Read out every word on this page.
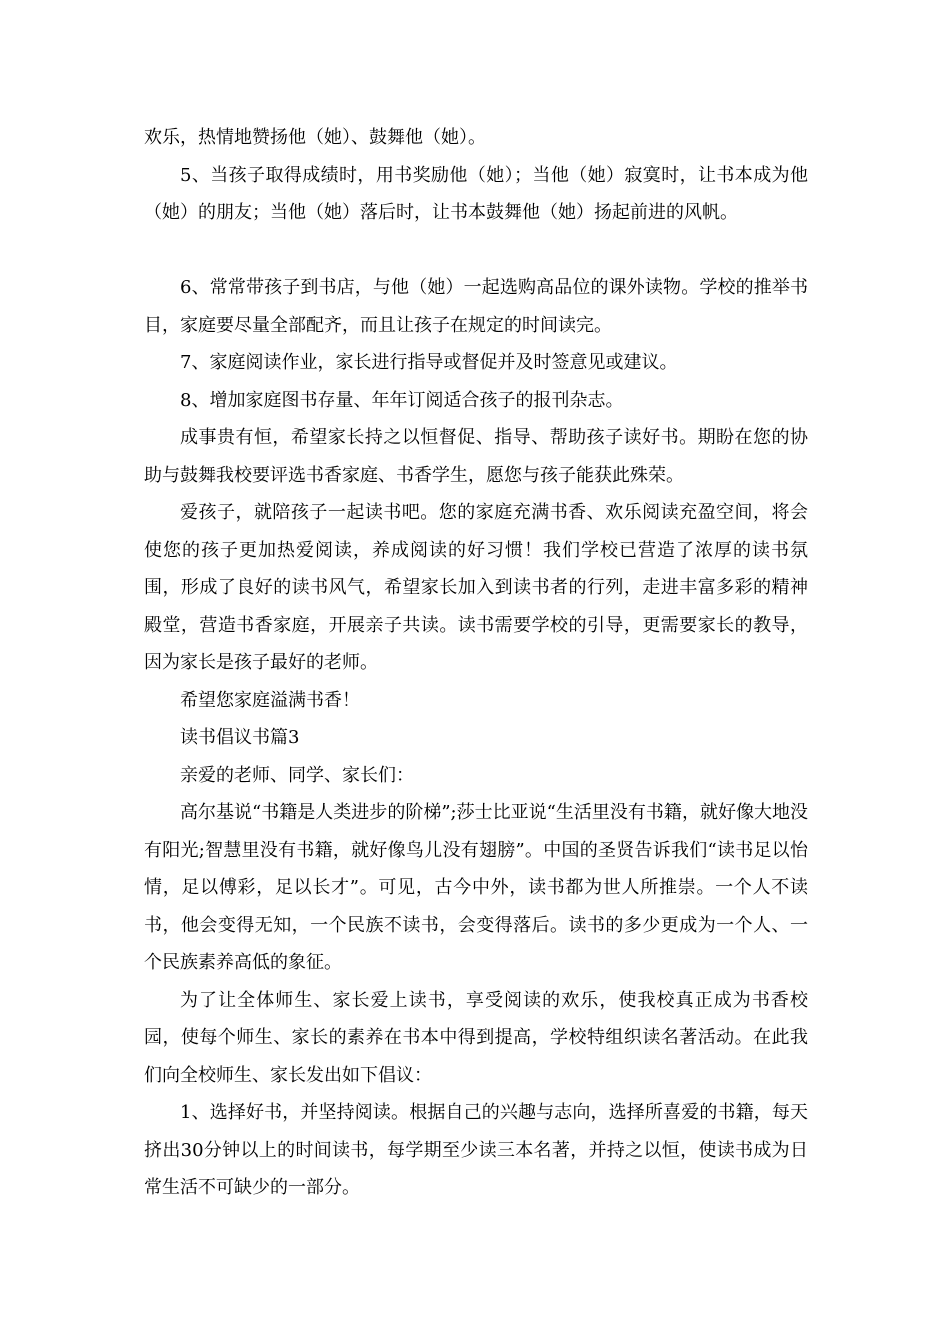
欢乐，热情地赞扬他（她）、鼓舞他（她）。

5、当孩子取得成绩时，用书奖励他（她）；当他（她）寂寞时，让书本成为他（她）的朋友；当他（她）落后时，让书本鼓舞他（她）扬起前进的风帆。

6、常常带孩子到书店，与他（她）一起选购高品位的课外读物。学校的推举书目，家庭要尽量全部配齐，而且让孩子在规定的时间读完。

7、家庭阅读作业，家长进行指导或督促并及时签意见或建议。

8、增加家庭图书存量、年年订阅适合孩子的报刊杂志。

成事贵有恒，希望家长持之以恒督促、指导、帮助孩子读好书。期盼在您的协助与鼓舞我校要评选书香家庭、书香学生，愿您与孩子能获此殊荣。

爱孩子，就陪孩子一起读书吧。您的家庭充满书香、欢乐阅读充盈空间，将会使您的孩子更加热爱阅读，养成阅读的好习惯！我们学校已营造了浓厚的读书氛围，形成了良好的读书风气，希望家长加入到读书者的行列，走进丰富多彩的精神殿堂，营造书香家庭，开展亲子共读。读书需要学校的引导，更需要家长的教导，因为家长是孩子最好的老师。

希望您家庭溢满书香！

读书倡议书篇3

亲爱的老师、同学、家长们：

高尔基说“书籍是人类进步的阶梯”;莎士比亚说“生活里没有书籍，就好像大地没有阳光;智慧里没有书籍，就好像鸟儿没有翅膀”。中国的圣贤告诉我们“读书足以怡情，足以傅彩，足以长才”。可见，古今中外，读书都为世人所推崇。一个人不读书，他会变得无知，一个民族不读书，会变得落后。读书的多少更成为一个人、一个民族素养高低的象征。

为了让全体师生、家长爱上读书，享受阅读的欢乐，使我校真正成为书香校园，使每个师生、家长的素养在书本中得到提高，学校特组织读名著活动。在此我们向全校师生、家长发出如下倡议：

1、选择好书，并坚持阅读。根据自己的兴趣与志向，选择所喜爱的书籍，每天挤出30分钟以上的时间读书，每学期至少读三本名著，并持之以恒，使读书成为日常生活不可缺少的一部分。
